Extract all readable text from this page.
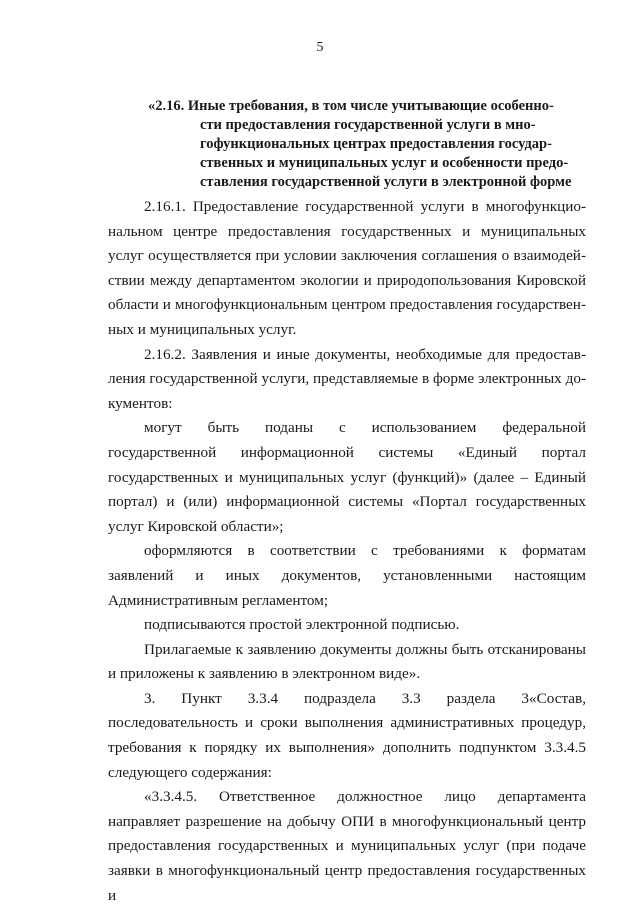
5
«2.16. Иные требования, в том числе учитывающие особенно-
сти предоставления государственной услуги в мно-
гофункциональных центрах предоставления государ-
ственных и муниципальных услуг и особенности предо-
ставления государственной услуги в электронной форме

2.16.1. Предоставление государственной услуги в многофункциональном центре предоставления государственных и муниципальных услуг осуществляется при условии заключения соглашения о взаимодействии между департаментом экологии и природопользования Кировской области и многофункциональным центром предоставления государственных и муниципальных услуг.

2.16.2. Заявления и иные документы, необходимые для предоставления государственной услуги, представляемые в форме электронных документов:

могут быть поданы с использованием федеральной государственной информационной системы «Единый портал государственных и муниципальных услуг (функций)» (далее – Единый портал) и (или) информационной системы «Портал государственных услуг Кировской области»;

оформляются в соответствии с требованиями к форматам заявлений и иных документов, установленными настоящим Административным регламентом;

подписываются простой электронной подписью.

Прилагаемые к заявлению документы должны быть отсканированы и приложены к заявлению в электронном виде».

3. Пункт 3.3.4 подраздела 3.3 раздела 3«Состав, последовательность и сроки выполнения административных процедур, требования к порядку их выполнения» дополнить подпунктом 3.3.4.5 следующего содержания:

«3.3.4.5. Ответственное должностное лицо департамента направляет разрешение на добычу ОПИ в многофункциональный центр предоставления государственных и муниципальных услуг (при подаче заявки в многофункциональный центр предоставления государственных и
